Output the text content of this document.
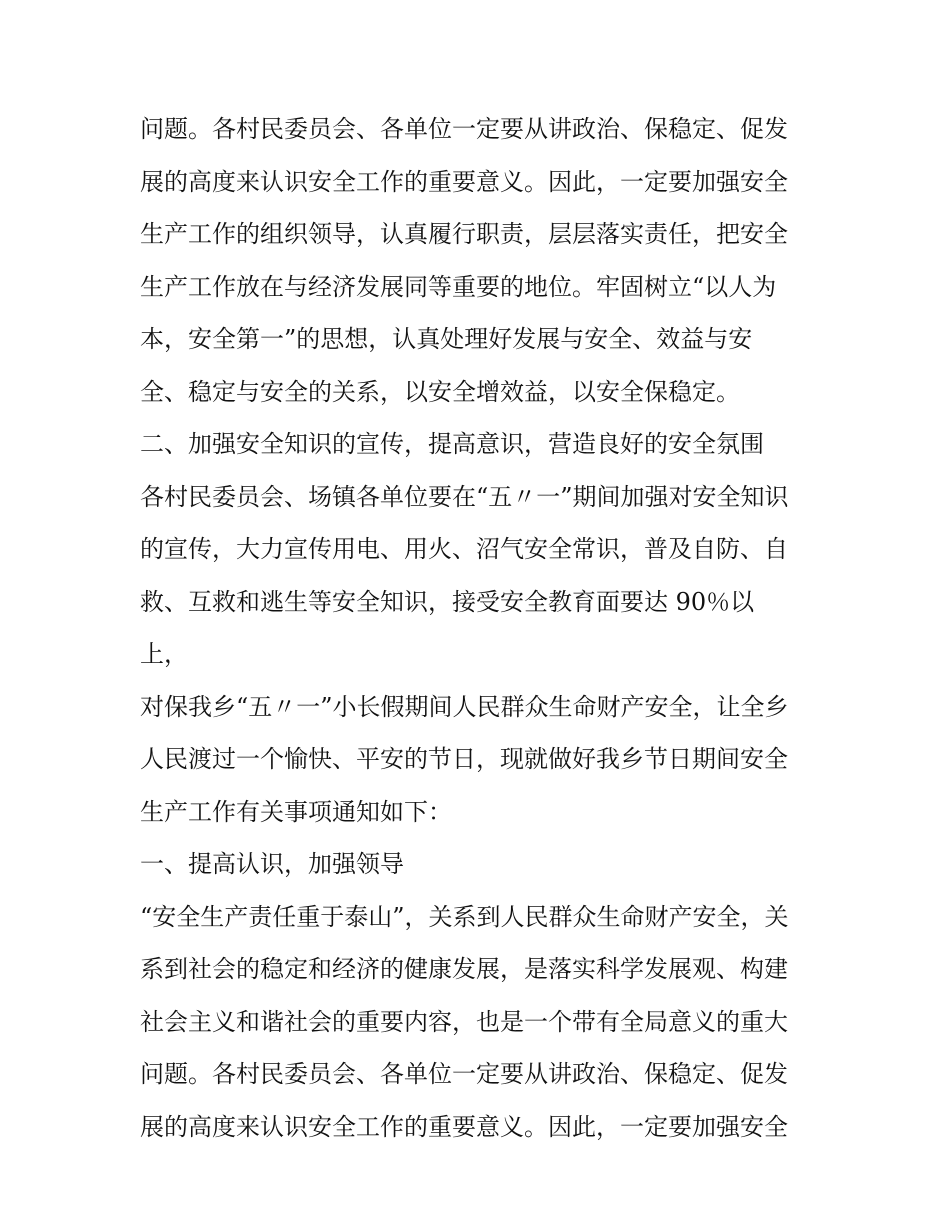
问题。各村民委员会、各单位一定要从讲政治、保稳定、促发
展的高度来认识安全工作的重要意义。因此，一定要加强安全
生产工作的组织领导，认真履行职责，层层落实责任，把安全
生产工作放在与经济发展同等重要的地位。牢固树立“以人为
本，安全第一”的思想，认真处理好发展与安全、效益与安
全、稳定与安全的关系，以安全增效益，以安全保稳定。
二、加强安全知识的宣传，提高意识，营造良好的安全氛围
各村民委员会、场镇各单位要在“五〃一”期间加强对安全知识
的宣传，大力宣传用电、用火、沼气安全常识，普及自防、自
救、互救和逃生等安全知识，接受安全教育面要达 90％以
上，
对保我乡“五〃一”小长假期间人民群众生命财产安全，让全乡
人民渡过一个愉快、平安的节日，现就做好我乡节日期间安全
生产工作有关事项通知如下：
一、提高认识，加强领导
“安全生产责任重于泰山”，关系到人民群众生命财产安全，关
系到社会的稳定和经济的健康发展，是落实科学发展观、构建
社会主义和谐社会的重要内容，也是一个带有全局意义的重大
问题。各村民委员会、各单位一定要从讲政治、保稳定、促发
展的高度来认识安全工作的重要意义。因此，一定要加强安全
